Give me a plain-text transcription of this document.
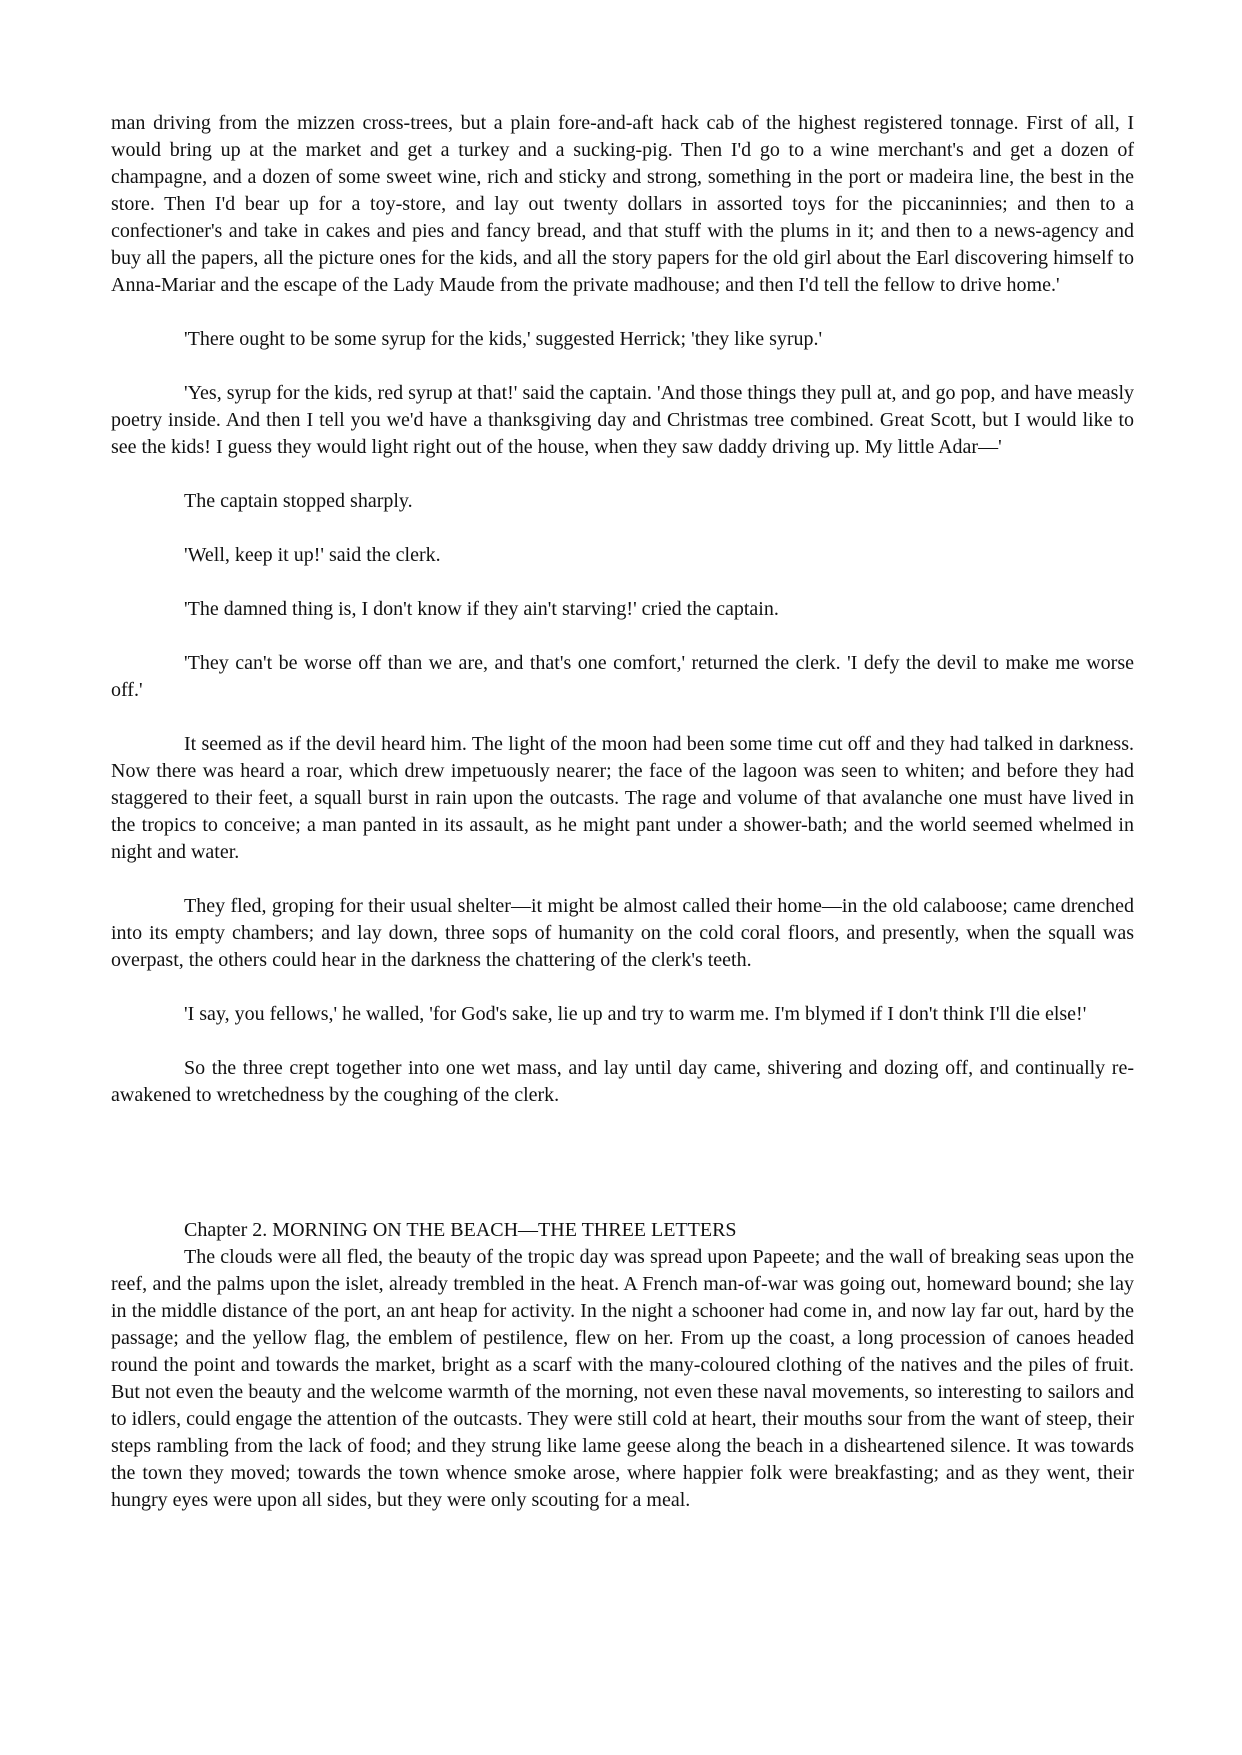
man driving from the mizzen cross-trees, but a plain fore-and-aft hack cab of the highest registered tonnage. First of all, I would bring up at the market and get a turkey and a sucking-pig. Then I'd go to a wine merchant's and get a dozen of champagne, and a dozen of some sweet wine, rich and sticky and strong, something in the port or madeira line, the best in the store. Then I'd bear up for a toy-store, and lay out twenty dollars in assorted toys for the piccaninnies; and then to a confectioner's and take in cakes and pies and fancy bread, and that stuff with the plums in it; and then to a news-agency and buy all the papers, all the picture ones for the kids, and all the story papers for the old girl about the Earl discovering himself to Anna-Mariar and the escape of the Lady Maude from the private madhouse; and then I'd tell the fellow to drive home.'

'There ought to be some syrup for the kids,' suggested Herrick; 'they like syrup.'

'Yes, syrup for the kids, red syrup at that!' said the captain. 'And those things they pull at, and go pop, and have measly poetry inside. And then I tell you we'd have a thanksgiving day and Christmas tree combined. Great Scott, but I would like to see the kids! I guess they would light right out of the house, when they saw daddy driving up. My little Adar—'

The captain stopped sharply.

'Well, keep it up!' said the clerk.

'The damned thing is, I don't know if they ain't starving!' cried the captain.

'They can't be worse off than we are, and that's one comfort,' returned the clerk. 'I defy the devil to make me worse off.'

It seemed as if the devil heard him. The light of the moon had been some time cut off and they had talked in darkness. Now there was heard a roar, which drew impetuously nearer; the face of the lagoon was seen to whiten; and before they had staggered to their feet, a squall burst in rain upon the outcasts. The rage and volume of that avalanche one must have lived in the tropics to conceive; a man panted in its assault, as he might pant under a shower-bath; and the world seemed whelmed in night and water.

They fled, groping for their usual shelter—it might be almost called their home—in the old calaboose; came drenched into its empty chambers; and lay down, three sops of humanity on the cold coral floors, and presently, when the squall was overpast, the others could hear in the darkness the chattering of the clerk's teeth.

'I say, you fellows,' he walled, 'for God's sake, lie up and try to warm me. I'm blymed if I don't think I'll die else!'

So the three crept together into one wet mass, and lay until day came, shivering and dozing off, and continually re-awakened to wretchedness by the coughing of the clerk.

Chapter 2. MORNING ON THE BEACH—THE THREE LETTERS

The clouds were all fled, the beauty of the tropic day was spread upon Papeete; and the wall of breaking seas upon the reef, and the palms upon the islet, already trembled in the heat. A French man-of-war was going out, homeward bound; she lay in the middle distance of the port, an ant heap for activity. In the night a schooner had come in, and now lay far out, hard by the passage; and the yellow flag, the emblem of pestilence, flew on her. From up the coast, a long procession of canoes headed round the point and towards the market, bright as a scarf with the many-coloured clothing of the natives and the piles of fruit. But not even the beauty and the welcome warmth of the morning, not even these naval movements, so interesting to sailors and to idlers, could engage the attention of the outcasts. They were still cold at heart, their mouths sour from the want of steep, their steps rambling from the lack of food; and they strung like lame geese along the beach in a disheartened silence. It was towards the town they moved; towards the town whence smoke arose, where happier folk were breakfasting; and as they went, their hungry eyes were upon all sides, but they were only scouting for a meal.
